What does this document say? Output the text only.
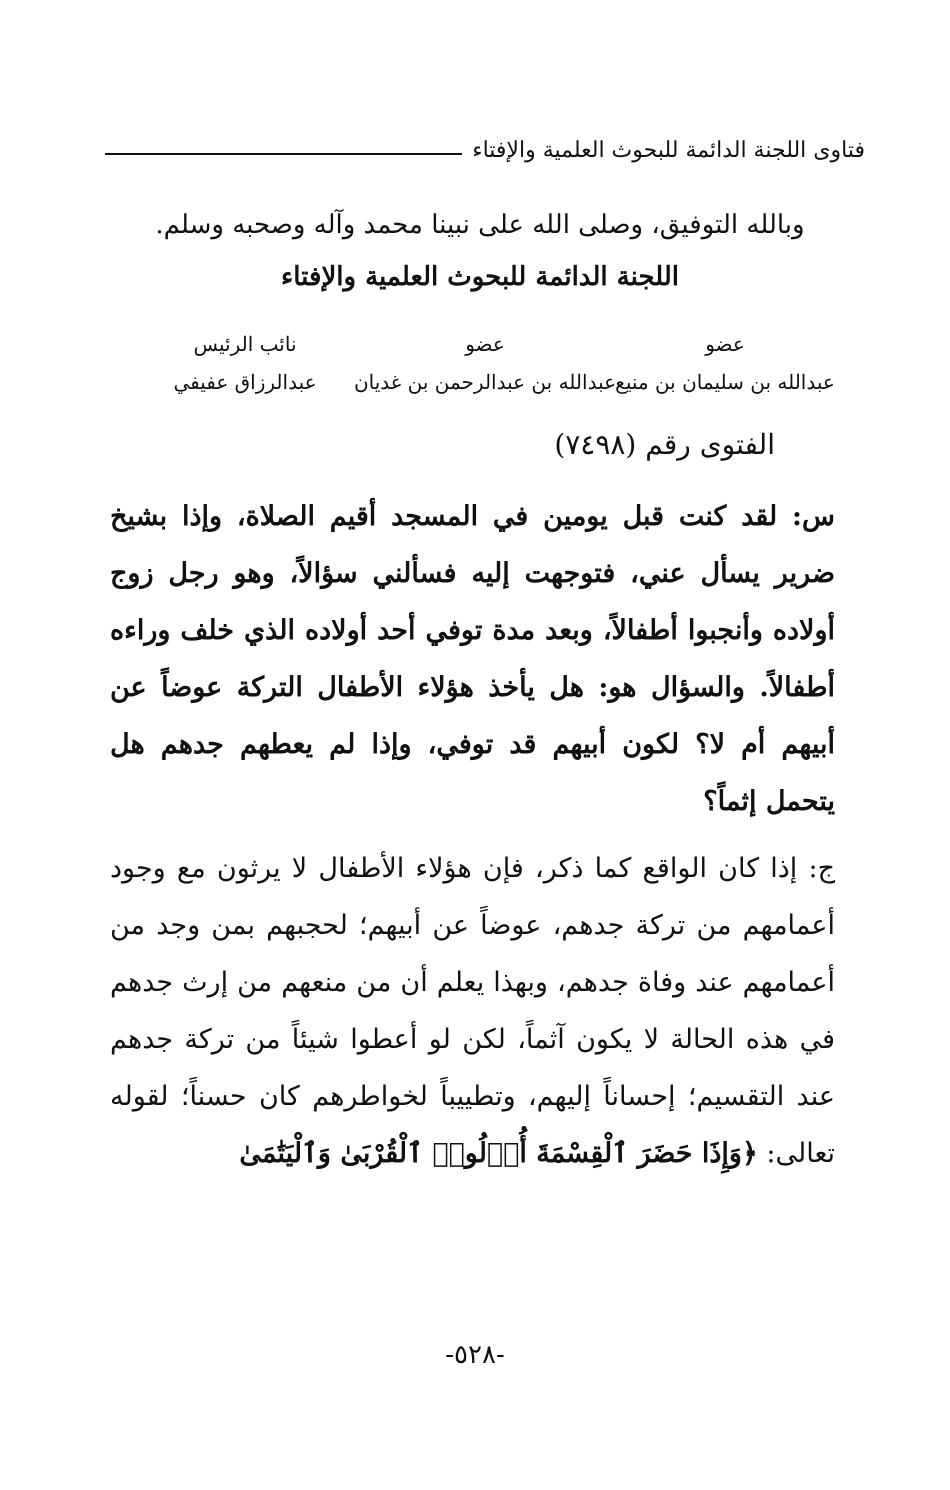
فتاوى اللجنة الدائمة للبحوث العلمية والإفتاء
وبالله التوفيق، وصلى الله على نبينا محمد وآله وصحبه وسلم.
اللجنة الدائمة للبحوث العلمية والإفتاء
عضو
عبدالله بن سليمان بن منيع
عضو
عبدالله بن عبدالرحمن بن غديان
نائب الرئيس
عبدالرزاق عفيفي
الفتوى رقم (٧٤٩٨)
س: لقد كنت قبل يومين في المسجد أقيم الصلاة، وإذا بشيخ ضرير يسأل عني، فتوجهت إليه فسألني سؤالاً، وهو رجل زوج أولاده وأنجبوا أطفالاً، وبعد مدة توفي أحد أولاده الذي خلف وراءه أطفالاً. والسؤال هو: هل يأخذ هؤلاء الأطفال التركة عوضاً عن أبيهم أم لا؟ لكون أبيهم قد توفي، وإذا لم يعطهم جدهم هل يتحمل إثماً؟
ج: إذا كان الواقع كما ذكر، فإن هؤلاء الأطفال لا يرثون مع وجود أعمامهم من تركة جدهم، عوضاً عن أبيهم؛ لحجبهم بمن وجد من أعمامهم عند وفاة جدهم، وبهذا يعلم أن من منعهم من إرث جدهم في هذه الحالة لا يكون آثماً، لكن لو أعطوا شيئاً من تركة جدهم عند التقسيم؛ إحساناً إليهم، وتطييباً لخواطرهم كان حسناً؛ لقوله تعالى: ﴿وَإِذَا حَضَرَ ٱلْقِسْمَةَ أُو۟لُوا۟ ٱلْقُرْبَىٰ وَٱلْيَتَٰمَىٰ
-٥٢٨-
